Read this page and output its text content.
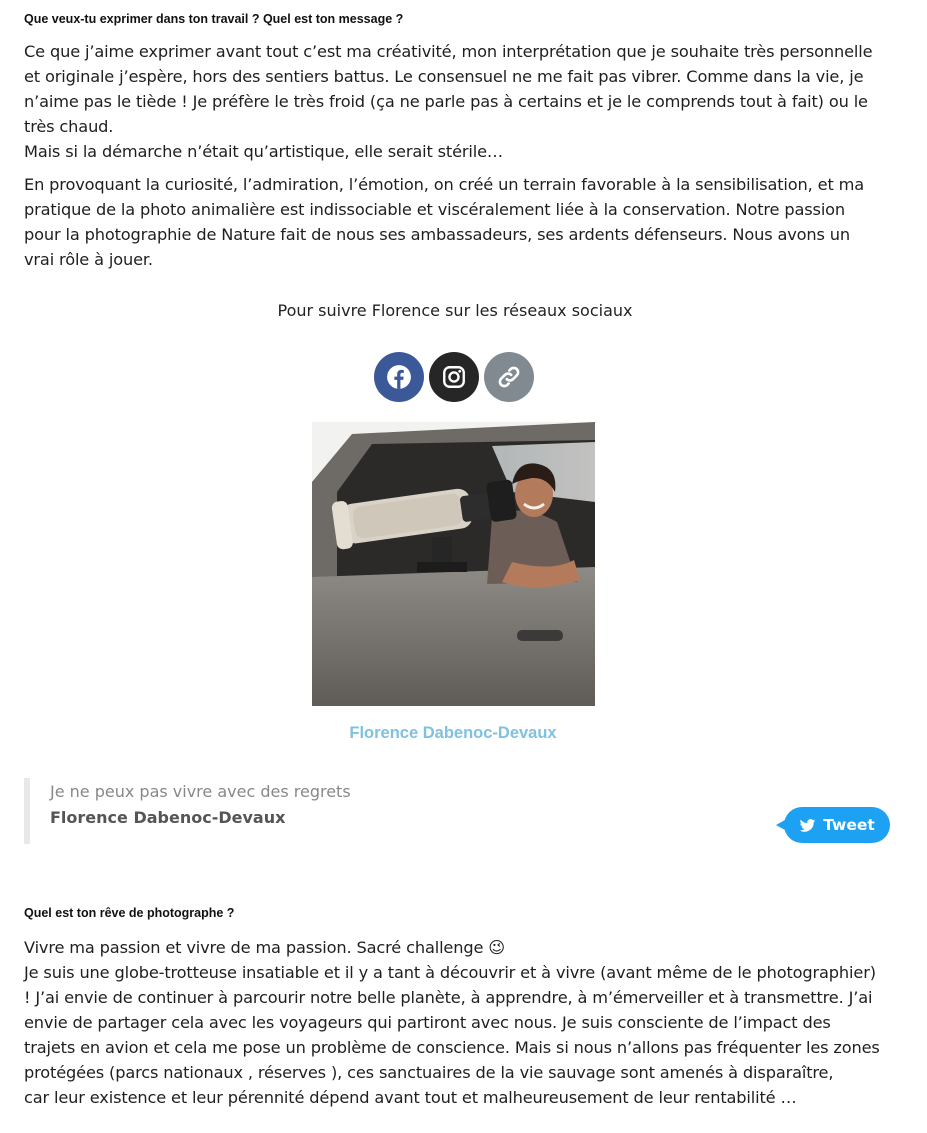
Que veux-tu exprimer dans ton travail ? Quel est ton message ?

Ce que j’aime exprimer avant tout c’est ma créativité, mon interprétation que je souhaite très personnelle

et originale j’espère, hors des sentiers battus. Le consensuel ne me fait pas vibrer. Comme dans la vie, je

n’aime pas le tiède ! Je préfère le très froid (ça ne parle pas à certains et je le comprends tout à fait) ou le

très chaud.

Mais si la démarche n’était qu’artistique, elle serait stérile…

En provoquant la curiosité, l’admiration, l’émotion, on créé un terrain favorable à la sensibilisation, et ma

pratique de la photo animalière est indissociable et viscéralement liée à la conservation. Notre passion

pour la photographie de Nature fait de nous ses ambassadeurs, ses ardents défenseurs. Nous avons un

vrai rôle à jouer.

Pour suivre Florence sur les réseaux sociaux
Florence Dabenoc-Devaux
Je ne peux pas vivre avec des regrets
Florence Dabenoc-Devaux	Tweet
Quel est ton rêve de photographe ?

Vivre ma passion et vivre de ma passion. Sacré challenge 😉

Je suis une globe-trotteuse insatiable et il y a tant à découvrir et à vivre (avant même de le photographier)

! J’ai envie de continuer à parcourir notre belle planète, à apprendre, à m’émerveiller et à transmettre. J’ai

envie de partager cela avec les voyageurs qui partiront avec nous. Je suis consciente de l’impact des

trajets en avion et cela me pose un problème de conscience. Mais si nous n’allons pas fréquenter les zones

protégées (parcs nationaux , réserves ), ces sanctuaires de la vie sauvage sont amenés à disparaître,

car leur existence et leur pérennité dépend avant tout et malheureusement de leur rentabilité …
